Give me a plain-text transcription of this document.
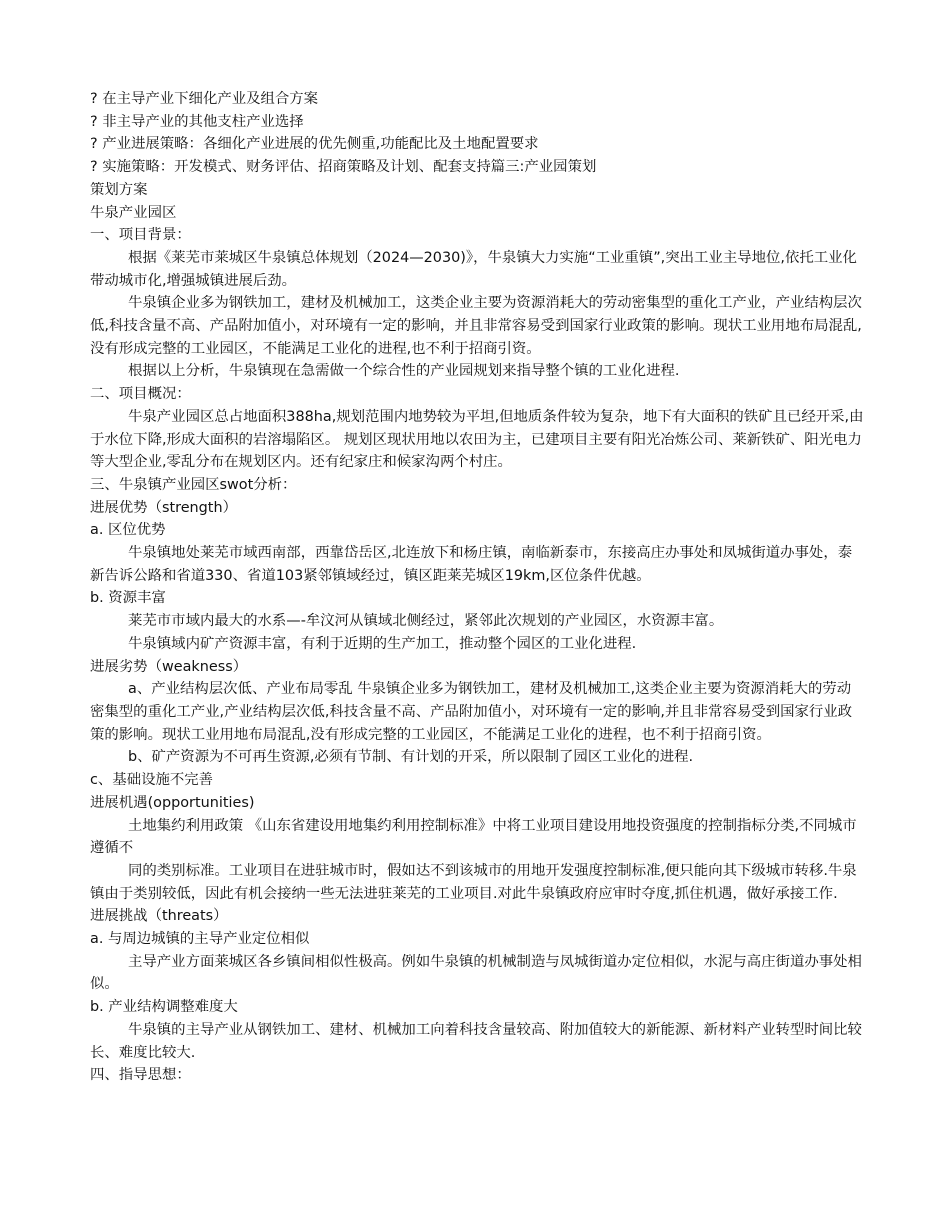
? 在主导产业下细化产业及组合方案

? 非主导产业的其他支柱产业选择

? 产业进展策略：各细化产业进展的优先侧重,功能配比及土地配置要求

? 实施策略：开发模式、财务评估、招商策略及计划、配套支持篇三:产业园策划

策划方案

牛泉产业园区

一、项目背景：

根据《莱芜市莱城区牛泉镇总体规划（2024—2030)》，牛泉镇大力实施“工业重镇”,突出工业主导地位,依托工业化带动城市化,增强城镇进展后劲。

牛泉镇企业多为钢铁加工，建材及机械加工，这类企业主要为资源消耗大的劳动密集型的重化工产业，产业结构层次低,科技含量不高、产品附加值小，对环境有一定的影响，并且非常容易受到国家行业政策的影响。现状工业用地布局混乱,没有形成完整的工业园区，不能满足工业化的进程,也不利于招商引资。

根据以上分析，牛泉镇现在急需做一个综合性的产业园规划来指导整个镇的工业化进程.

二、项目概况：

牛泉产业园区总占地面积388ha,规划范围内地势较为平坦,但地质条件较为复杂，地下有大面积的铁矿且已经开采,由于水位下降,形成大面积的岩溶塌陷区。 规划区现状用地以农田为主，已建项目主要有阳光冶炼公司、莱新铁矿、阳光电力等大型企业,零乱分布在规划区内。还有纪家庄和候家沟两个村庄。

三、牛泉镇产业园区swot分析：

进展优势（strength）

a. 区位优势

牛泉镇地处莱芜市域西南部，西靠岱岳区,北连放下和杨庄镇，南临新泰市，东接高庄办事处和凤城街道办事处，泰新告诉公路和省道330、省道103紧邻镇域经过，镇区距莱芜城区19km,区位条件优越。

b. 资源丰富

莱芜市市域内最大的水系—-牟汶河从镇域北侧经过，紧邻此次规划的产业园区，水资源丰富。

牛泉镇域内矿产资源丰富，有利于近期的生产加工，推动整个园区的工业化进程.

进展劣势（weakness）

a、产业结构层次低、产业布局零乱 牛泉镇企业多为钢铁加工，建材及机械加工,这类企业主要为资源消耗大的劳动密集型的重化工产业,产业结构层次低,科技含量不高、产品附加值小，对环境有一定的影响,并且非常容易受到国家行业政策的影响。现状工业用地布局混乱,没有形成完整的工业园区，不能满足工业化的进程，也不利于招商引资。

b、矿产资源为不可再生资源,必须有节制、有计划的开采，所以限制了园区工业化的进程.

c、基础设施不完善

进展机遇(opportunities)

土地集约利用政策 《山东省建设用地集约利用控制标准》中将工业项目建设用地投资强度的控制指标分类,不同城市遵循不

同的类别标准。工业项目在进驻城市时，假如达不到该城市的用地开发强度控制标准,便只能向其下级城市转移.牛泉镇由于类别较低，因此有机会接纳一些无法进驻莱芜的工业项目.对此牛泉镇政府应审时夺度,抓住机遇，做好承接工作.

进展挑战（threats）

a. 与周边城镇的主导产业定位相似

主导产业方面莱城区各乡镇间相似性极高。例如牛泉镇的机械制造与凤城街道办定位相似，水泥与高庄街道办事处相似。

b. 产业结构调整难度大

牛泉镇的主导产业从钢铁加工、建材、机械加工向着科技含量较高、附加值较大的新能源、新材料产业转型时间比较长、难度比较大.

四、指导思想：
